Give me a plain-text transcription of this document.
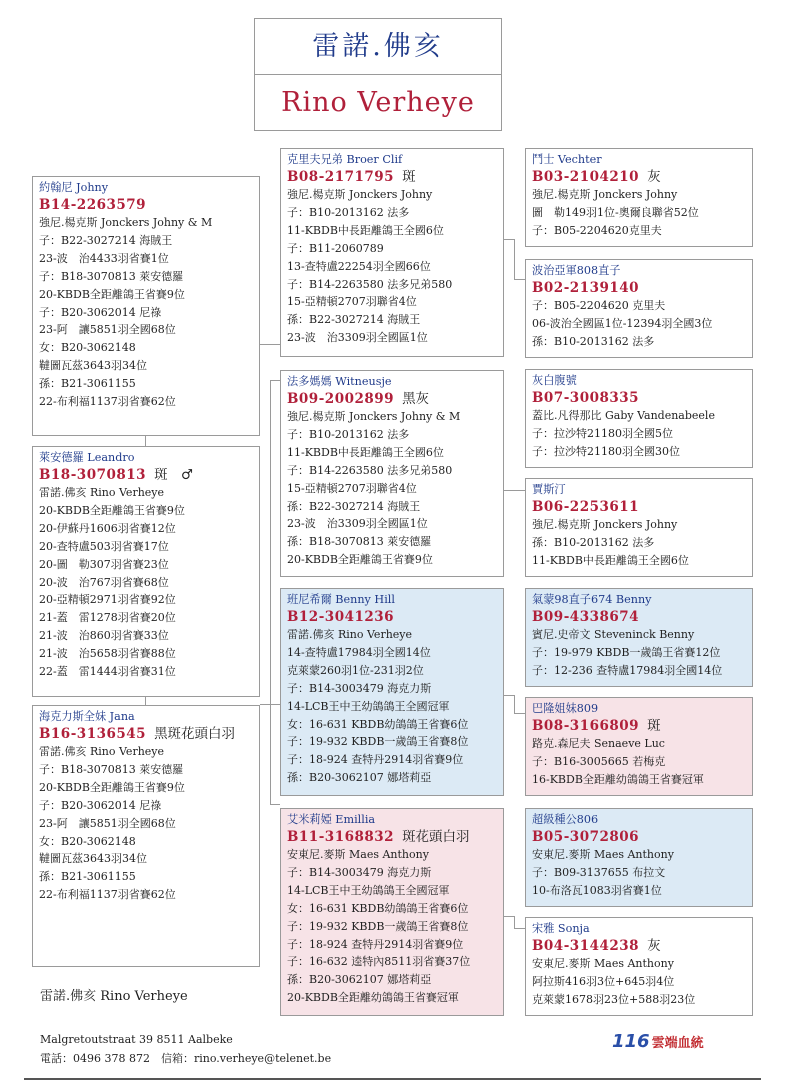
雷諾.佛亥
Rino Verheye
約翰尼 Johny
B14-2263579
強尼.楊克斯 Jonckers Johny & M
子：B22-3027214 海賊王
23-波　治4433羽省賽1位
子：B18-3070813 萊安德羅
20-KBDB全距離鴿王省賽9位
子：B20-3062014 尼祿
23-阿　讓5851羽全國68位
女：B20-3062148
韃圖瓦茲3643羽34位
孫：B21-3061155
22-布利福1137羽省賽62位
萊安德羅 Leandro
B18-3070813 斑　♂
雷諾.佛亥 Rino Verheye
20-KBDB全距離鴿王省賽9位
20-伊蘇丹1606羽省賽12位
20-查特盧503羽省賽17位
20-圖　勒307羽省賽23位
20-波　治767羽省賽68位
20-亞精頓2971羽省賽92位
21-蓋　雷1278羽省賽20位
21-波　治860羽省賽33位
21-波　治5658羽省賽88位
22-蓋　雷1444羽省賽31位
海克力斯全妹 Jana
B16-3136545 黑斑花頭白羽
雷諾.佛亥 Rino Verheye
子：B18-3070813 萊安德羅
20-KBDB全距離鴿王省賽9位
子：B20-3062014 尼祿
23-阿　讓5851羽全國68位
女：B20-3062148
韃圖瓦茲3643羽34位
孫：B21-3061155
22-布利福1137羽省賽62位
克里夫兄弟 Broer Clif
B08-2171795 斑
強尼.楊克斯 Jonckers Johny
子：B10-2013162 法多
11-KBDB中長距離鴿王全國6位
子：B11-2060789
13-查特盧22254羽全國66位
子：B14-2263580 法多兄弟580
15-亞精頓2707羽聯省4位
孫：B22-3027214 海賊王
23-波　治3309羽全國區1位
法多媽媽 Witneusje
B09-2002899 黑灰
強尼.楊克斯 Jonckers Johny & M
子：B10-2013162 法多
11-KBDB中長距離鴿王全國6位
子：B14-2263580 法多兄弟580
15-亞精頓2707羽聯省4位
孫：B22-3027214 海賊王
23-波　治3309羽全國區1位
孫：B18-3070813 萊安德羅
20-KBDB全距離鴿王省賽9位
班尼希爾 Benny Hill
B12-3041236
雷諾.佛亥 Rino Verheye
14-查特盧17984羽全國14位
克萊蒙260羽1位-231羽2位
子：B14-3003479 海克力斯
14-LCB王中王幼鴿鴿王全國冠軍
女：16-631 KBDB幼鴿鴿王省賽6位
子：19-932 KBDB一歲鴿王省賽8位
子：18-924 查特丹2914羽省賽9位
孫：B20-3062107 娜塔莉亞
艾米莉婭 Emillia
B11-3168832 斑花頭白羽
安東尼.麥斯 Maes Anthony
子：B14-3003479 海克力斯
14-LCB王中王幼鴿鴿王全國冠軍
女：16-631 KBDB幼鴿鴿王省賽6位
子：19-932 KBDB一歲鴿王省賽8位
子：18-924 查特丹2914羽省賽9位
子：16-632 逵特內8511羽省賽37位
孫：B20-3062107 娜塔莉亞
20-KBDB全距離幼鴿鴿王省賽冠軍
鬥士 Vechter
B03-2104210 灰
強尼.楊克斯 Jonckers Johny
圖　勒149羽1位-奧爾良聯省52位
子：B05-2204620克里夫
波治亞軍808直子
B02-2139140
子：B05-2204620 克里夫
06-波治全國區1位-12394羽全國3位
孫：B10-2013162 法多
灰白腹號
B07-3008335
蓋比.凡得那比 Gaby Vandenabeele
子：拉沙特21180羽全國5位
子：拉沙特21180羽全國30位
賈斯汀
B06-2253611
強尼.楊克斯 Jonckers Johny
孫：B10-2013162 法多
11-KBDB中長距離鴿王全國6位
氣蒙98直子674 Benny
B09-4338674
賓尼.史帝文 Steveninck Benny
子：19-979 KBDB一歲鴿王省賽12位
子：12-236 查特盧17984羽全國14位
巴隆姐妹809
B08-3166809 斑
路克.森尼夫 Senaeve Luc
子：B16-3005665 若梅克
16-KBDB全距離幼鴿鴿王省賽冠軍
超級種公806
B05-3072806
安東尼.麥斯 Maes Anthony
子：B09-3137655 布拉文
10-布洛瓦1083羽省賽1位
宋雅 Sonja
B04-3144238 灰
安東尼.麥斯 Maes Anthony
阿拉斯416羽3位+645羽4位
克萊蒙1678羽23位+588羽23位
雷諾.佛亥 Rino Verheye
Malgretoutstraat 39 8511 Aalbeke
電話：0496 378 872　信箱：rino.verheye@telenet.be
116 雲端血統
